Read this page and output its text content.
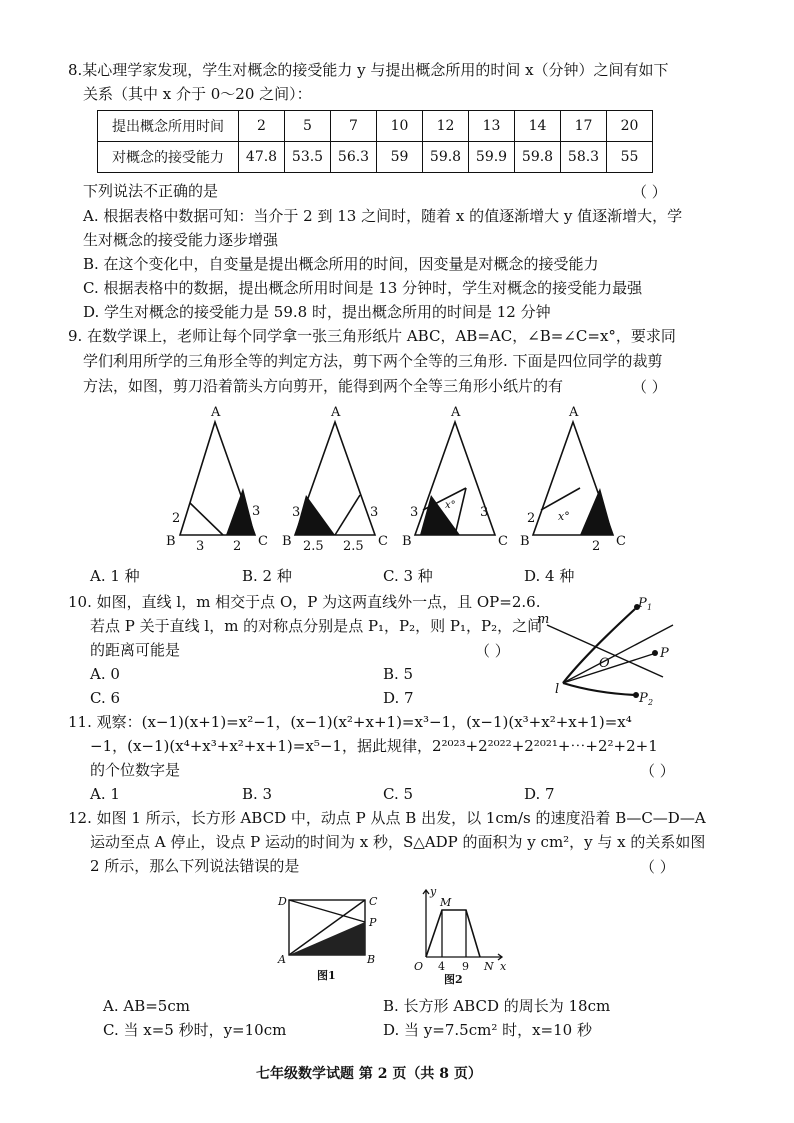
8.某心理学家发现，学生对概念的接受能力 y 与提出概念所用的时间 x（分钟）之间有如下
关系（其中 x 介于 0～20 之间）：
提出概念所用时间	2	5	7	10	12	13	14	17	20
对概念的接受能力	47.8	53.5	56.3	59	59.8	59.9	59.8	58.3	55
下列说法不正确的是	（ ）
A. 根据表格中数据可知：当介于 2 到 13 之间时，随着 x 的值逐渐增大 y 值逐渐增大，学
生对概念的接受能力逐步增强
B. 在这个变化中，自变量是提出概念所用的时间，因变量是对概念的接受能力
C. 根据表格中的数据，提出概念所用时间是 13 分钟时，学生对概念的接受能力最强
D. 学生对概念的接受能力是 59.8 时，提出概念所用的时间是 12 分钟
9. 在数学课上，老师让每个同学拿一张三角形纸片 ABC，AB=AC，∠B=∠C=x°，要求同
学们利用所学的三角形全等的判定方法，剪下两个全等的三角形. 下面是四位同学的裁剪
方法，如图，剪刀沿着箭头方向剪开，能得到两个全等三角形小纸片的有	（ ）
A
B	C
2
3 2
3
A
B	C
3	3
2.5 2.5
A
B	C
3	3
x°
A
B	C
2 x°
2
A. 1 种	B. 2 种	C. 3 种	D. 4 种
10. 如图，直线 l，m 相交于点 O，P 为这两直线外一点，且 OP=2.6.
若点 P 关于直线 l，m 的对称点分别是点 P₁，P₂，则 P₁，P₂，之间
的距离可能是	（ ）
A. 0	B. 5
C. 6	D. 7
m
l
O
P
P 1
P 2
11. 观察：(x−1)(x+1)=x²−1，(x−1)(x²+x+1)=x³−1，(x−1)(x³+x²+x+1)=x⁴
−1，(x−1)(x⁴+x³+x²+x+1)=x⁵−1，据此规律，2²⁰²³+2²⁰²²+2²⁰²¹+⋯+2²+2+1
的个位数字是	（ ）
A. 1	B. 3	C. 5	D. 7
12. 如图 1 所示，长方形 ABCD 中，动点 P 从点 B 出发，以 1cm/s 的速度沿着 B—C—D—A
运动至点 A 停止，设点 P 运动的时间为 x 秒，S△ADP 的面积为 y cm²，y 与 x 的关系如图
2 所示，那么下列说法错误的是	（ ）
D	C
P
A	B
图1
y
M
O 4 9 N x
图2
A. AB=5cm	B. 长方形 ABCD 的周长为 18cm
C. 当 x=5 秒时，y=10cm	D. 当 y=7.5cm² 时，x=10 秒
七年级数学试题 第 2 页（共 8 页）
